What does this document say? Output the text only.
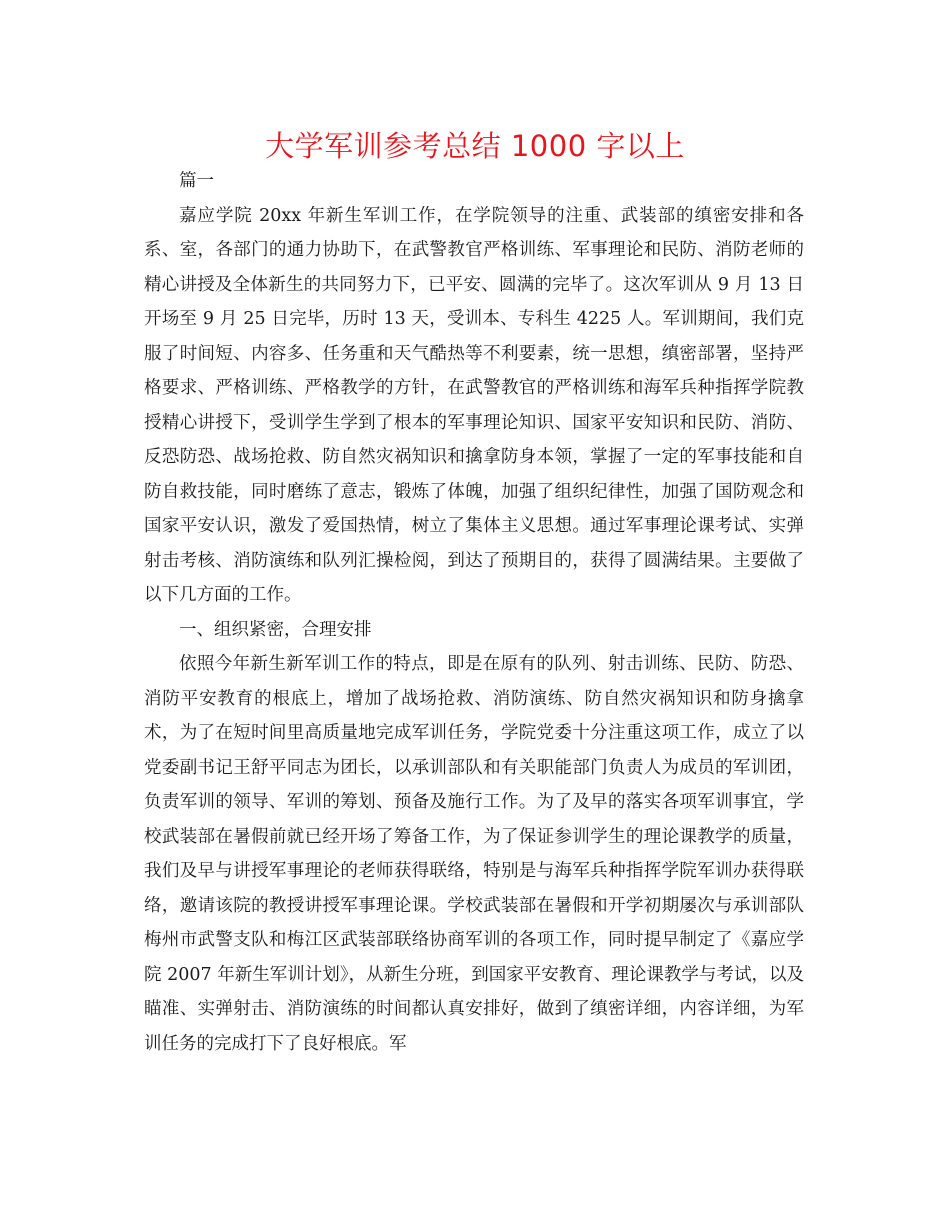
大学军训参考总结 1000 字以上

篇一

嘉应学院 20xx 年新生军训工作，在学院领导的注重、武装部的缜密安排和各系、室，各部门的通力协助下，在武警教官严格训练、军事理论和民防、消防老师的精心讲授及全体新生的共同努力下，已平安、圆满的完毕了。这次军训从 9 月 13 日开场至 9 月 25 日完毕，历时 13 天，受训本、专科生 4225 人。军训期间，我们克服了时间短、内容多、任务重和天气酷热等不利要素，统一思想，缜密部署，坚持严格要求、严格训练、严格教学的方针，在武警教官的严格训练和海军兵种指挥学院教授精心讲授下，受训学生学到了根本的军事理论知识、国家平安知识和民防、消防、反恐防恐、战场抢救、防自然灾祸知识和擒拿防身本领，掌握了一定的军事技能和自防自救技能，同时磨练了意志，锻炼了体魄，加强了组织纪律性，加强了国防观念和国家平安认识，激发了爱国热情，树立了集体主义思想。通过军事理论课考试、实弹射击考核、消防演练和队列汇操检阅，到达了预期目的，获得了圆满结果。主要做了以下几方面的工作。

一、组织紧密，合理安排

依照今年新生新军训工作的特点，即是在原有的队列、射击训练、民防、防恐、消防平安教育的根底上，增加了战场抢救、消防演练、防自然灾祸知识和防身擒拿术，为了在短时间里高质量地完成军训任务，学院党委十分注重这项工作，成立了以党委副书记王舒平同志为团长，以承训部队和有关职能部门负责人为成员的军训团，负责军训的领导、军训的筹划、预备及施行工作。为了及早的落实各项军训事宜，学校武装部在暑假前就已经开场了筹备工作，为了保证参训学生的理论课教学的质量，我们及早与讲授军事理论的老师获得联络，特别是与海军兵种指挥学院军训办获得联络，邀请该院的教授讲授军事理论课。学校武装部在暑假和开学初期屡次与承训部队梅州市武警支队和梅江区武装部联络协商军训的各项工作，同时提早制定了《嘉应学院 2007 年新生军训计划》，从新生分班，到国家平安教育、理论课教学与考试，以及瞄准、实弹射击、消防演练的时间都认真安排好，做到了缜密详细，内容详细，为军训任务的完成打下了良好根底。军
